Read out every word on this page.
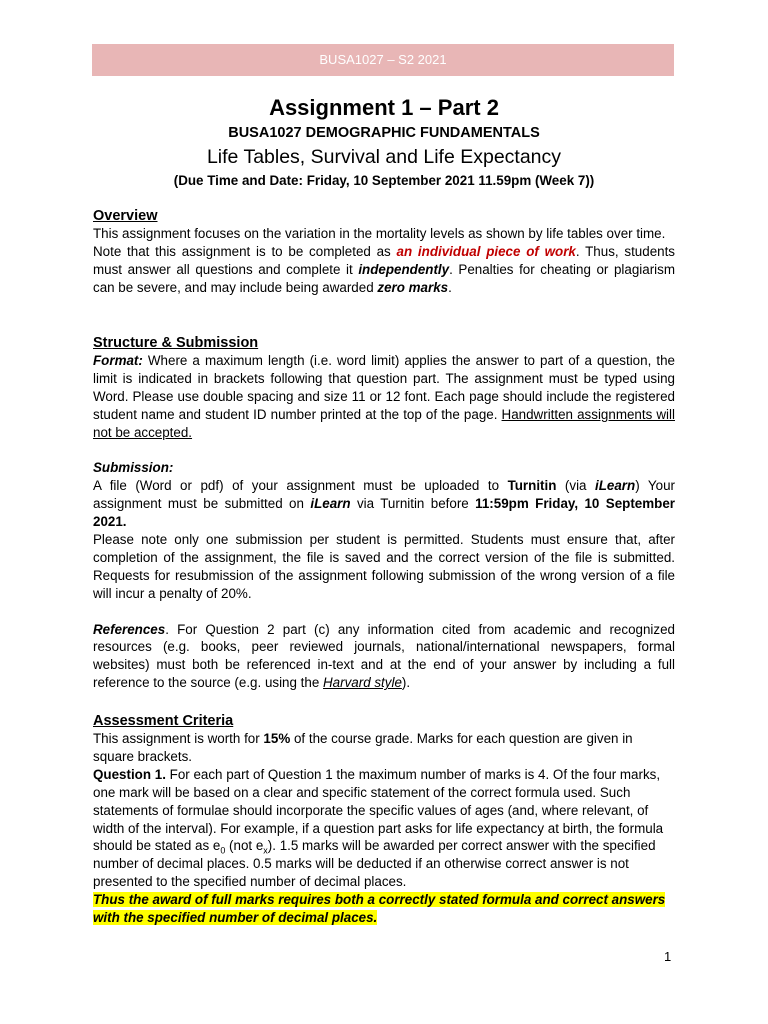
BUSA1027 – S2 2021
Assignment 1 – Part 2
BUSA1027 DEMOGRAPHIC FUNDAMENTALS
Life Tables, Survival and Life Expectancy
(Due Time and Date: Friday, 10 September 2021 11.59pm (Week 7))

Overview

This assignment focuses on the variation in the mortality levels as shown by life tables over time.

Note that this assignment is to be completed as an individual piece of work. Thus, students must answer all questions and complete it independently. Penalties for cheating or plagiarism can be severe, and may include being awarded zero marks.

Structure & Submission

Format: Where a maximum length (i.e. word limit) applies the answer to part of a question, the limit is indicated in brackets following that question part. The assignment must be typed using Word. Please use double spacing and size 11 or 12 font. Each page should include the registered student name and student ID number printed at the top of the page. Handwritten assignments will not be accepted.

Submission:

A file (Word or pdf) of your assignment must be uploaded to Turnitin (via iLearn) Your assignment must be submitted on iLearn via Turnitin before 11:59pm Friday, 10 September 2021.

Please note only one submission per student is permitted. Students must ensure that, after completion of the assignment, the file is saved and the correct version of the file is submitted. Requests for resubmission of the assignment following submission of the wrong version of a file will incur a penalty of 20%.

References. For Question 2 part (c) any information cited from academic and recognized resources (e.g. books, peer reviewed journals, national/international newspapers, formal websites) must both be referenced in-text and at the end of your answer by including a full reference to the source (e.g. using the Harvard style).

Assessment Criteria

This assignment is worth for 15% of the course grade. Marks for each question are given in square brackets.

Question 1. For each part of Question 1 the maximum number of marks is 4. Of the four marks, one mark will be based on a clear and specific statement of the correct formula used. Such statements of formulae should incorporate the specific values of ages (and, where relevant, of width of the interval). For example, if a question part asks for life expectancy at birth, the formula should be stated as $e_0$ (not $e_x$). 1.5 marks will be awarded per correct answer with the specified number of decimal places. 0.5 marks will be deducted if an otherwise correct answer is not presented to the specified number of decimal places.

Thus the award of full marks requires both a correctly stated formula and correct answers with the specified number of decimal places.

1
